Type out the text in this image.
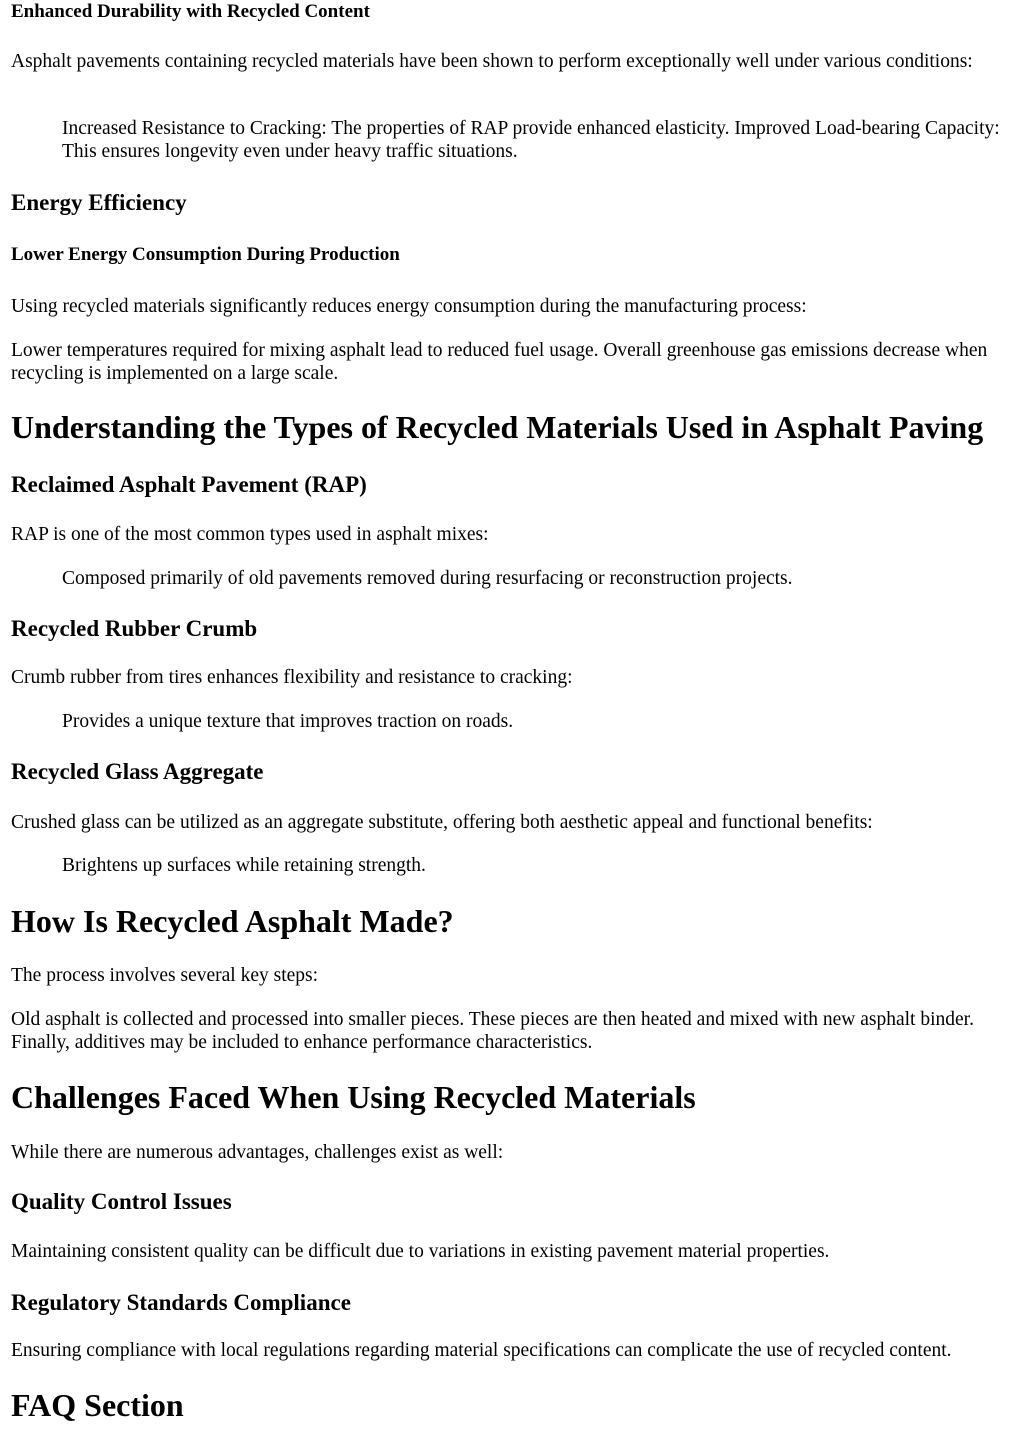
Enhanced Durability with Recycled Content

Asphalt pavements containing recycled materials have been shown to perform exceptionally well under various conditions:

Increased Resistance to Cracking: The properties of RAP provide enhanced elasticity. Improved Load-bearing Capacity: This ensures longevity even under heavy traffic situations.
Energy Efficiency
Lower Energy Consumption During Production

Using recycled materials significantly reduces energy consumption during the manufacturing process:

Lower temperatures required for mixing asphalt lead to reduced fuel usage. Overall greenhouse gas emissions decrease when recycling is implemented on a large scale.

Understanding the Types of Recycled Materials Used in Asphalt Paving
Reclaimed Asphalt Pavement (RAP)

RAP is one of the most common types used in asphalt mixes:

Composed primarily of old pavements removed during resurfacing or reconstruction projects.
Recycled Rubber Crumb

Crumb rubber from tires enhances flexibility and resistance to cracking:

Provides a unique texture that improves traction on roads.
Recycled Glass Aggregate

Crushed glass can be utilized as an aggregate substitute, offering both aesthetic appeal and functional benefits:

Brightens up surfaces while retaining strength.
How Is Recycled Asphalt Made?

The process involves several key steps:

Old asphalt is collected and processed into smaller pieces. These pieces are then heated and mixed with new asphalt binder. Finally, additives may be included to enhance performance characteristics.

Challenges Faced When Using Recycled Materials

While there are numerous advantages, challenges exist as well:

Quality Control Issues

Maintaining consistent quality can be difficult due to variations in existing pavement material properties.

Regulatory Standards Compliance

Ensuring compliance with local regulations regarding material specifications can complicate the use of recycled content.

FAQ Section
